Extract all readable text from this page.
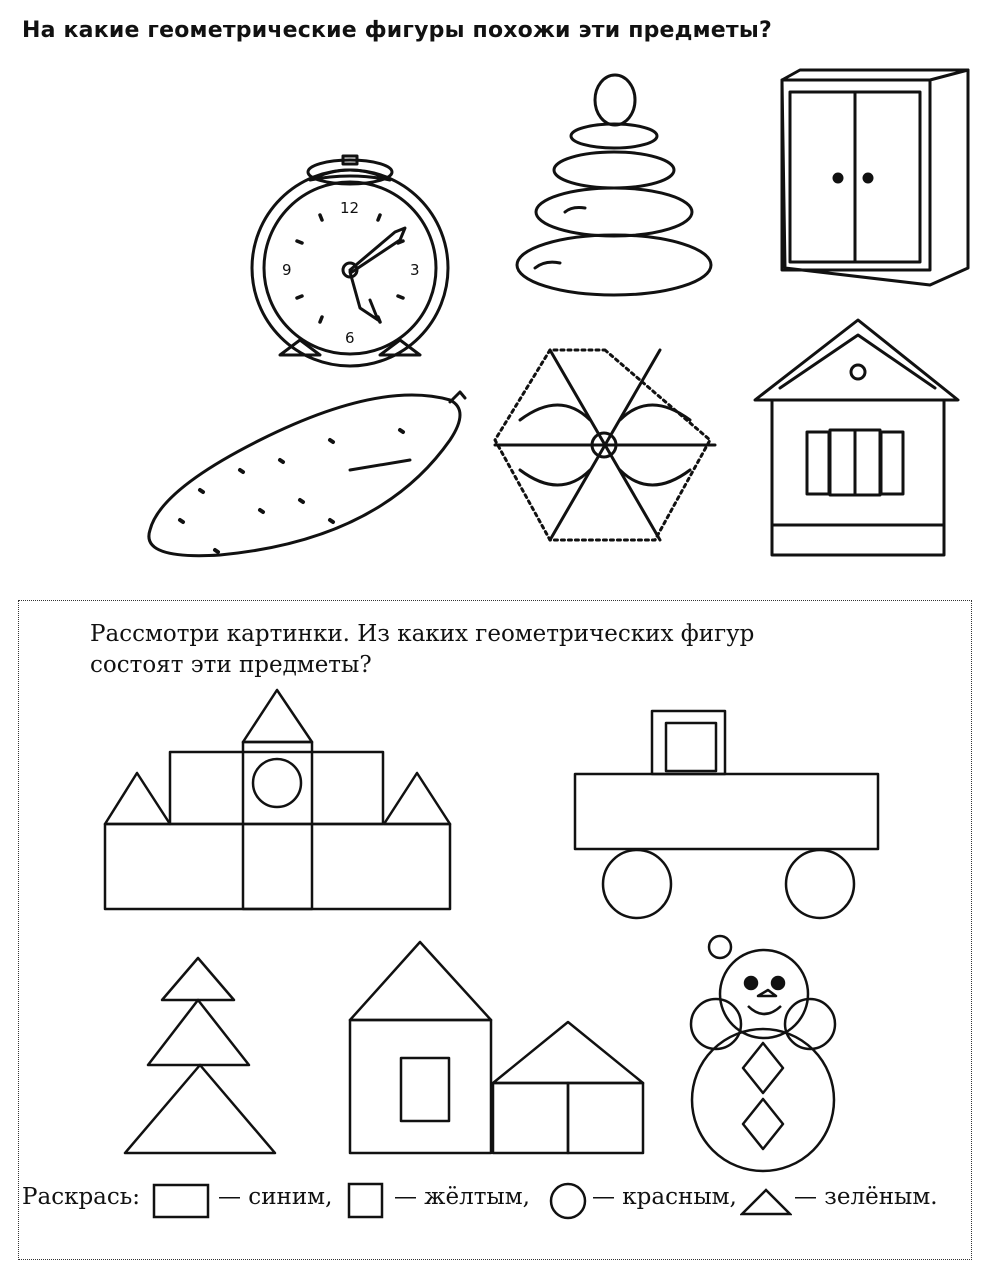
На какие геометрические фигуры похожи эти предметы?
12
3
6
9
Рассмотри картинки. Из каких геометрических фигур
состоят эти предметы?
Раскрась:	— синим,	— жёлтым,	— красным, — зелёным.
